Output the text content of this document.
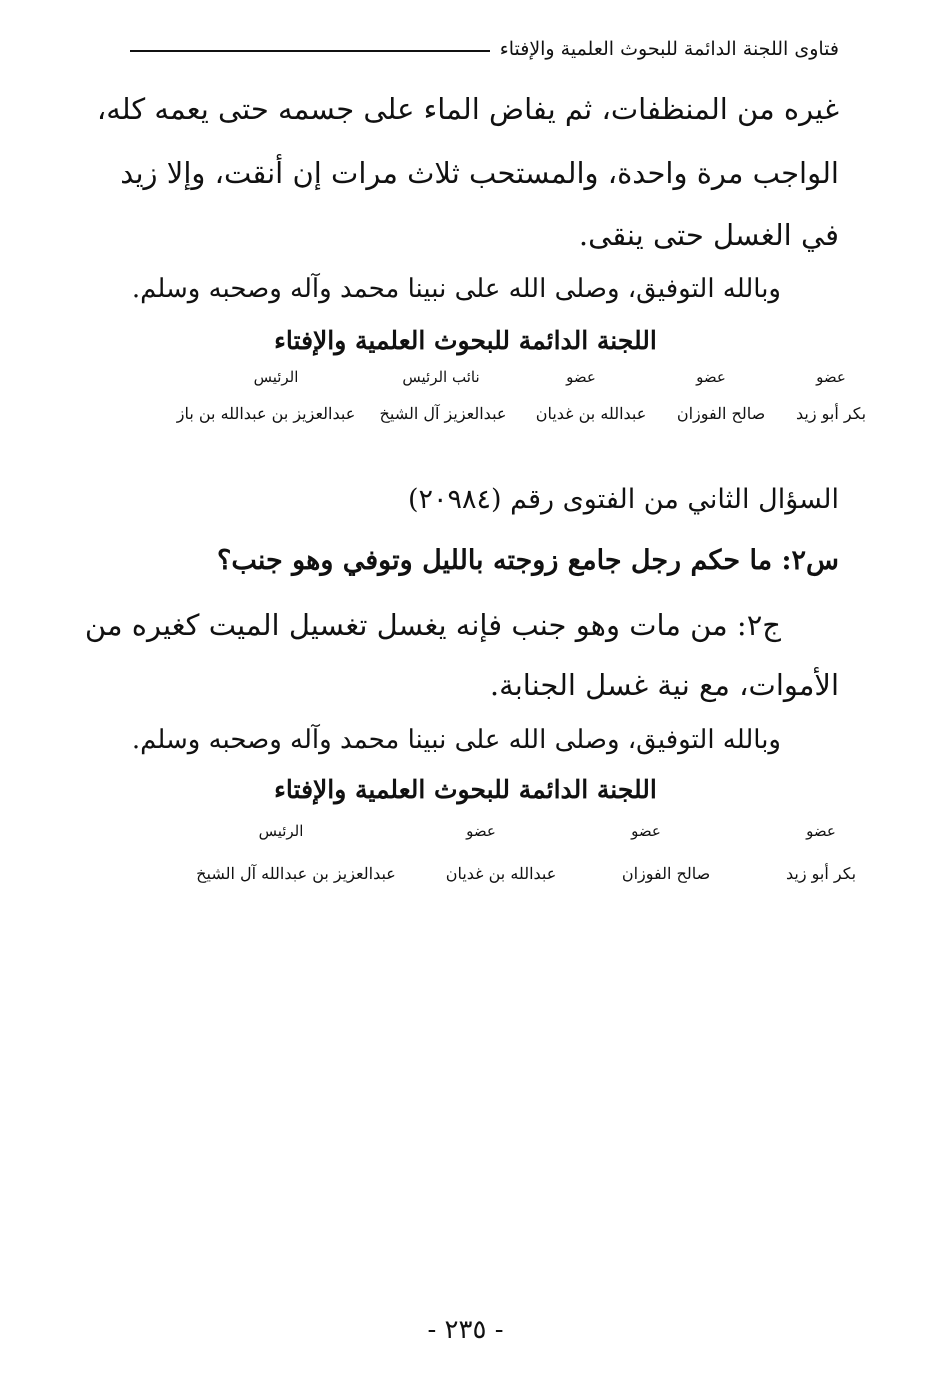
فتاوى اللجنة الدائمة للبحوث العلمية والإفتاء
غيره من المنظفات، ثم يفاض الماء على جسمه حتى يعمه كله،
الواجب مرة واحدة، والمستحب ثلاث مرات إن أنقت، وإلا زيد
في الغسل حتى ينقى.
وبالله التوفيق، وصلى الله على نبينا محمد وآله وصحبه وسلم.
اللجنة الدائمة للبحوث العلمية والإفتاء
عضو
عضو
عضو
نائب الرئيس
الرئيس
بكر أبو زيد
صالح الفوزان
عبدالله بن غديان
عبدالعزيز آل الشيخ
عبدالعزيز بن عبدالله بن باز
السؤال الثاني من الفتوى رقم (٢٠٩٨٤)
س٢: ما حكم رجل جامع زوجته بالليل وتوفي وهو جنب؟
ج٢: من مات وهو جنب فإنه يغسل تغسيل الميت كغيره من
الأموات، مع نية غسل الجنابة.
وبالله التوفيق، وصلى الله على نبينا محمد وآله وصحبه وسلم.
اللجنة الدائمة للبحوث العلمية والإفتاء
عضو
عضو
عضو
الرئيس
بكر أبو زيد
صالح الفوزان
عبدالله بن غديان
عبدالعزيز بن عبدالله آل الشيخ
- ٢٣٥ -
